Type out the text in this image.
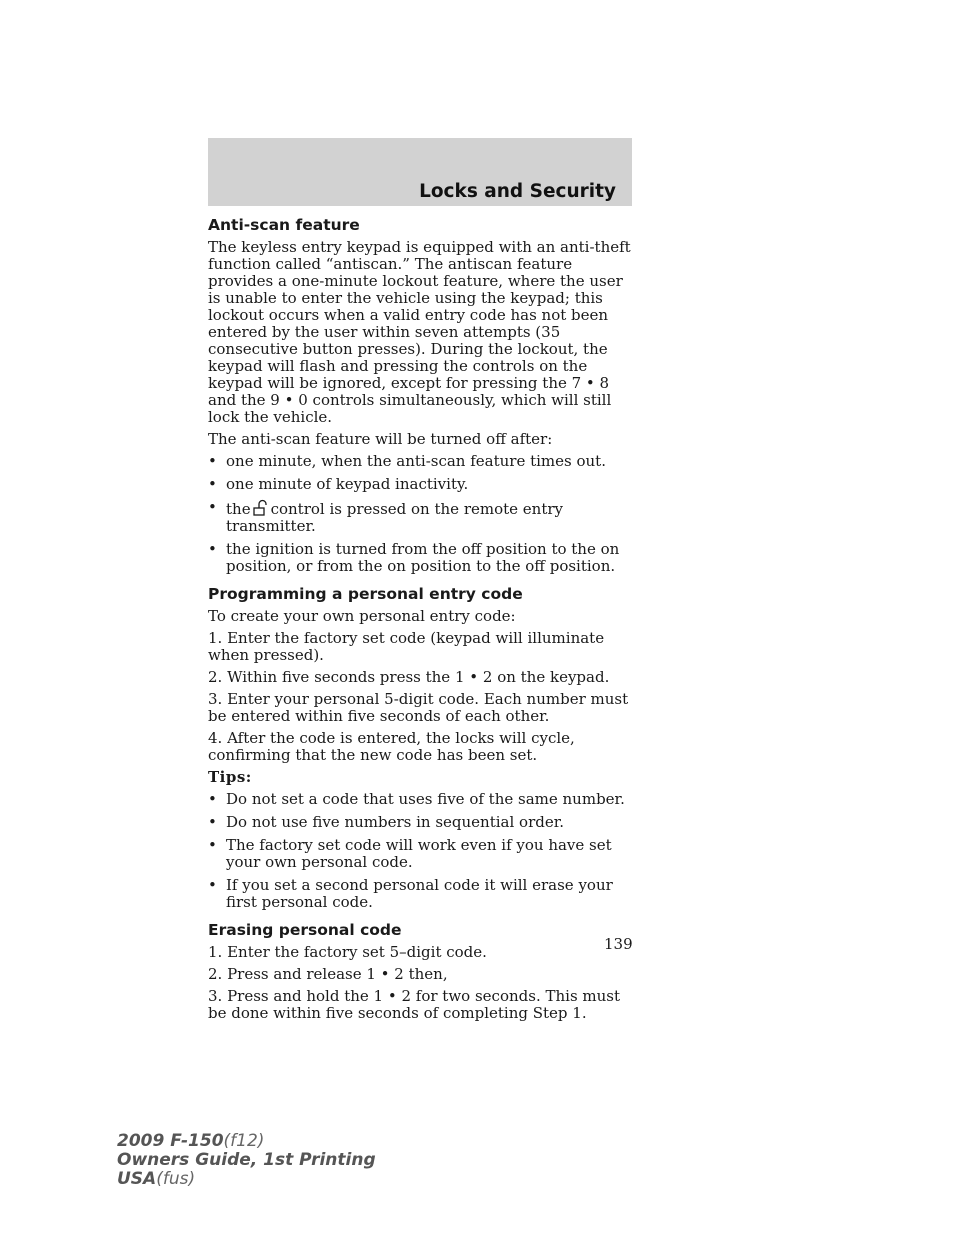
Locks and Security
Anti-scan feature

The keyless entry keypad is equipped with an anti-theft function called “antiscan.” The antiscan feature provides a one-minute lockout feature, where the user is unable to enter the vehicle using the keypad; this lockout occurs when a valid entry code has not been entered by the user within seven attempts (35 consecutive button presses). During the lockout, the keypad will flash and pressing the controls on the keypad will be ignored, except for pressing the 7 • 8 and the 9 • 0 controls simultaneously, which will still lock the vehicle.

The anti-scan feature will be turned off after:

• one minute, when the anti-scan feature times out.
• one minute of keypad inactivity.
• the control is pressed on the remote entry transmitter.
• the ignition is turned from the off position to the on position, or from the on position to the off position.
Programming a personal entry code

To create your own personal entry code:

1. Enter the factory set code (keypad will illuminate when pressed).

2. Within five seconds press the 1 • 2 on the keypad.

3. Enter your personal 5-digit code. Each number must be entered within five seconds of each other.

4. After the code is entered, the locks will cycle, confirming that the new code has been set.

Tips:

• Do not set a code that uses five of the same number.
• Do not use five numbers in sequential order.
• The factory set code will work even if you have set your own personal code.
• If you set a second personal code it will erase your first personal code.
Erasing personal code

1. Enter the factory set 5–digit code.

2. Press and release 1 • 2 then,

3. Press and hold the 1 • 2 for two seconds. This must be done within five seconds of completing Step 1.

139
2009 F-150(f12)
Owners Guide, 1st Printing
USA(fus)
